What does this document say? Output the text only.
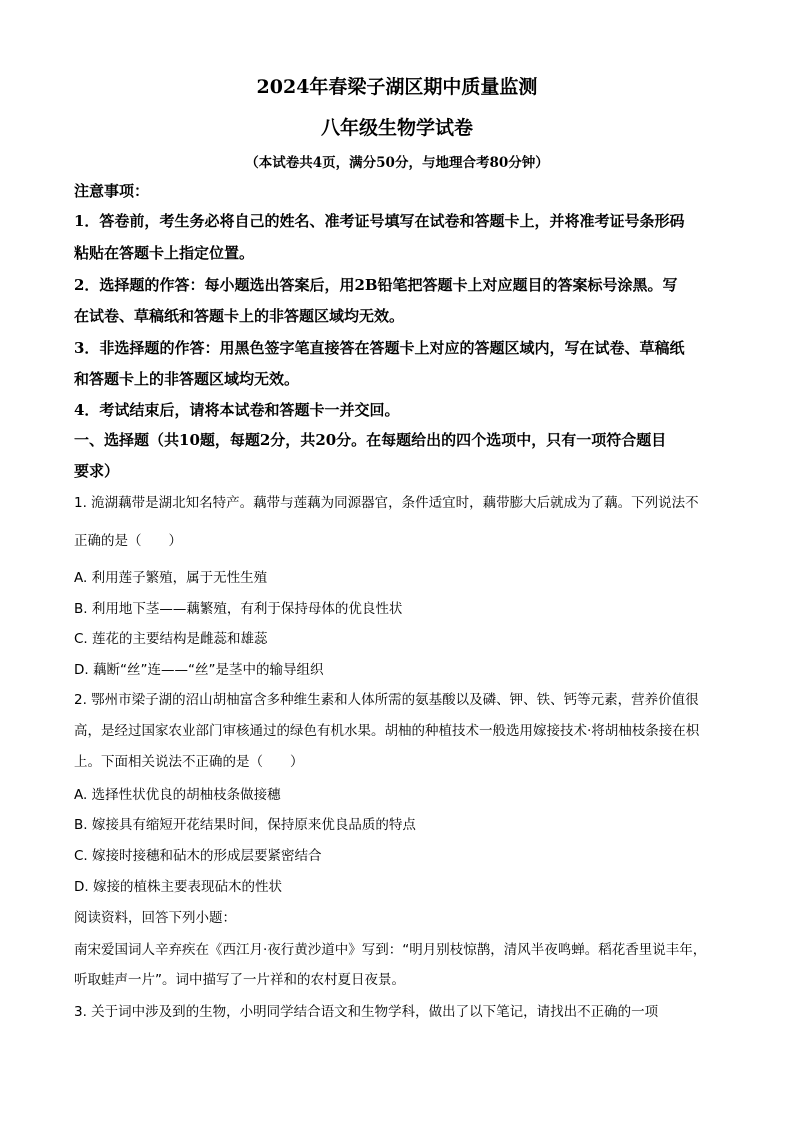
2024年春梁子湖区期中质量监测
八年级生物学试卷
（本试卷共4页，满分50分，与地理合考80分钟）
注意事项：
1．答卷前，考生务必将自己的姓名、准考证号填写在试卷和答题卡上，并将准考证号条形码
粘贴在答题卡上指定位置。
2．选择题的作答：每小题选出答案后，用2B铅笔把答题卡上对应题目的答案标号涂黑。写
在试卷、草稿纸和答题卡上的非答题区域均无效。
3．非选择题的作答：用黑色签字笔直接答在答题卡上对应的答题区域内，写在试卷、草稿纸
和答题卡上的非答题区域均无效。
4．考试结束后，请将本试卷和答题卡一并交回。
一、选择题（共10题，每题2分，共20分。在每题给出的四个选项中，只有一项符合题目
要求）
1. 洈湖藕带是湖北知名特产。藕带与莲藕为同源器官，条件适宜时，藕带膨大后就成为了藕。下列说法不
正确的是（　　）
A. 利用莲子繁殖，属于无性生殖
B. 利用地下茎——藕繁殖，有利于保持母体的优良性状
C. 莲花的主要结构是雌蕊和雄蕊
D. 藕断“丝”连——“丝”是茎中的输导组织
2. 鄂州市梁子湖的沼山胡柚富含多种维生素和人体所需的氨基酸以及磷、钾、铁、钙等元素，营养价值很
高，是经过国家农业部门审核通过的绿色有机水果。胡柚的种植技术一般选用嫁接技术·将胡柚枝条接在枳
上。下面相关说法不正确的是（　　）
A. 选择性状优良的胡柚枝条做接穗
B. 嫁接具有缩短开花结果时间，保持原来优良品质的特点
C. 嫁接时接穗和砧木的形成层要紧密结合
D. 嫁接的植株主要表现砧木的性状
阅读资料，回答下列小题：
南宋爱国词人辛弃疾在《西江月·夜行黄沙道中》写到：“明月别枝惊鹊，清风半夜鸣蝉。稻花香里说丰年，
听取蛙声一片”。词中描写了一片祥和的农村夏日夜景。
3. 关于词中涉及到的生物，小明同学结合语文和生物学科，做出了以下笔记，请找出不正确的一项
